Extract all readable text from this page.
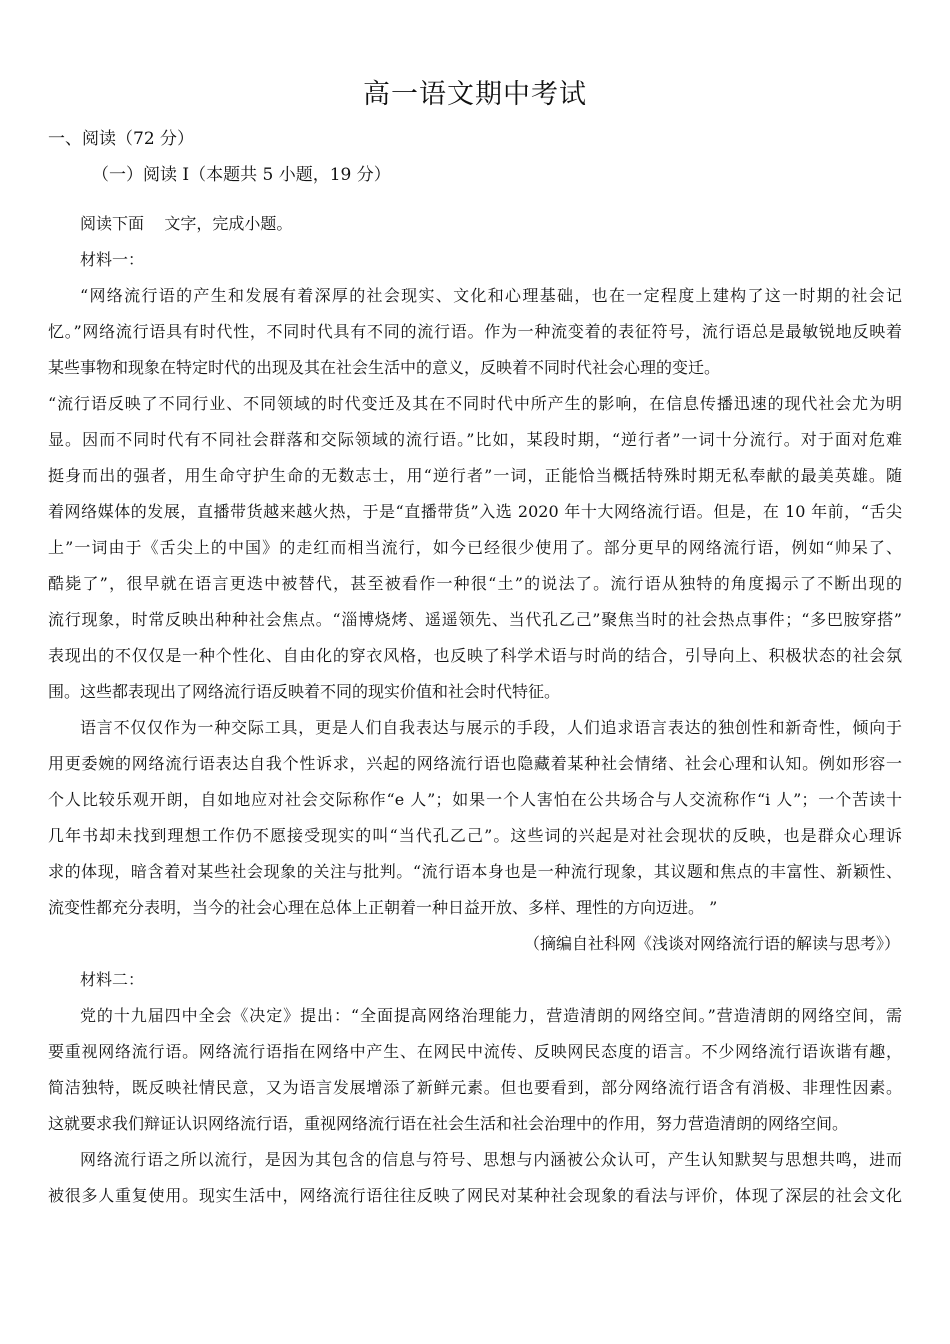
高一语文期中考试
一、阅读（72 分）
（一）阅读 I（本题共 5 小题，19 分）
阅读下面    文字，完成小题。
材料一：
“网络流行语的产生和发展有着深厚的社会现实、文化和心理基础，也在一定程度上建构了这一时期的社会记
忆。”网络流行语具有时代性，不同时代具有不同的流行语。作为一种流变着的表征符号，流行语总是最敏锐地反映着
某些事物和现象在特定时代的出现及其在社会生活中的意义，反映着不同时代社会心理的变迁。
“流行语反映了不同行业、不同领域的时代变迁及其在不同时代中所产生的影响，在信息传播迅速的现代社会尤为明
显。因而不同时代有不同社会群落和交际领域的流行语。”比如，某段时期，“逆行者”一词十分流行。对于面对危难
挺身而出的强者，用生命守护生命的无数志士，用“逆行者”一词，正能恰当概括特殊时期无私奉献的最美英雄。随
着网络媒体的发展，直播带货越来越火热，于是“直播带货”入选 2020 年十大网络流行语。但是，在 10 年前，“舌尖
上”一词由于《舌尖上的中国》的走红而相当流行，如今已经很少使用了。部分更早的网络流行语，例如“帅呆了、
酷毙了”，很早就在语言更迭中被替代，甚至被看作一种很“土”的说法了。流行语从独特的角度揭示了不断出现的
流行现象，时常反映出种种社会焦点。“淄博烧烤、遥遥领先、当代孔乙己”聚焦当时的社会热点事件；“多巴胺穿搭”
表现出的不仅仅是一种个性化、自由化的穿衣风格，也反映了科学术语与时尚的结合，引导向上、积极状态的社会氛
围。这些都表现出了网络流行语反映着不同的现实价值和社会时代特征。
语言不仅仅作为一种交际工具，更是人们自我表达与展示的手段，人们追求语言表达的独创性和新奇性，倾向于
用更委婉的网络流行语表达自我个性诉求，兴起的网络流行语也隐藏着某种社会情绪、社会心理和认知。例如形容一
个人比较乐观开朗，自如地应对社会交际称作“e 人”；如果一个人害怕在公共场合与人交流称作“i 人”；一个苦读十
几年书却未找到理想工作仍不愿接受现实的叫“当代孔乙己”。这些词的兴起是对社会现状的反映，也是群众心理诉
求的体现，暗含着对某些社会现象的关注与批判。“流行语本身也是一种流行现象，其议题和焦点的丰富性、新颖性、
流变性都充分表明，当今的社会心理在总体上正朝着一种日益开放、多样、理性的方向迈进。 ”
（摘编自社科网《浅谈对网络流行语的解读与思考》）
材料二：
党的十九届四中全会《决定》提出：“全面提高网络治理能力，营造清朗的网络空间。”营造清朗的网络空间，需
要重视网络流行语。网络流行语指在网络中产生、在网民中流传、反映网民态度的语言。不少网络流行语诙谐有趣，
简洁独特，既反映社情民意，又为语言发展增添了新鲜元素。但也要看到，部分网络流行语含有消极、非理性因素。
这就要求我们辩证认识网络流行语，重视网络流行语在社会生活和社会治理中的作用，努力营造清朗的网络空间。
网络流行语之所以流行，是因为其包含的信息与符号、思想与内涵被公众认可，产生认知默契与思想共鸣，进而
被很多人重复使用。现实生活中，网络流行语往往反映了网民对某种社会现象的看法与评价，体现了深层的社会文化
